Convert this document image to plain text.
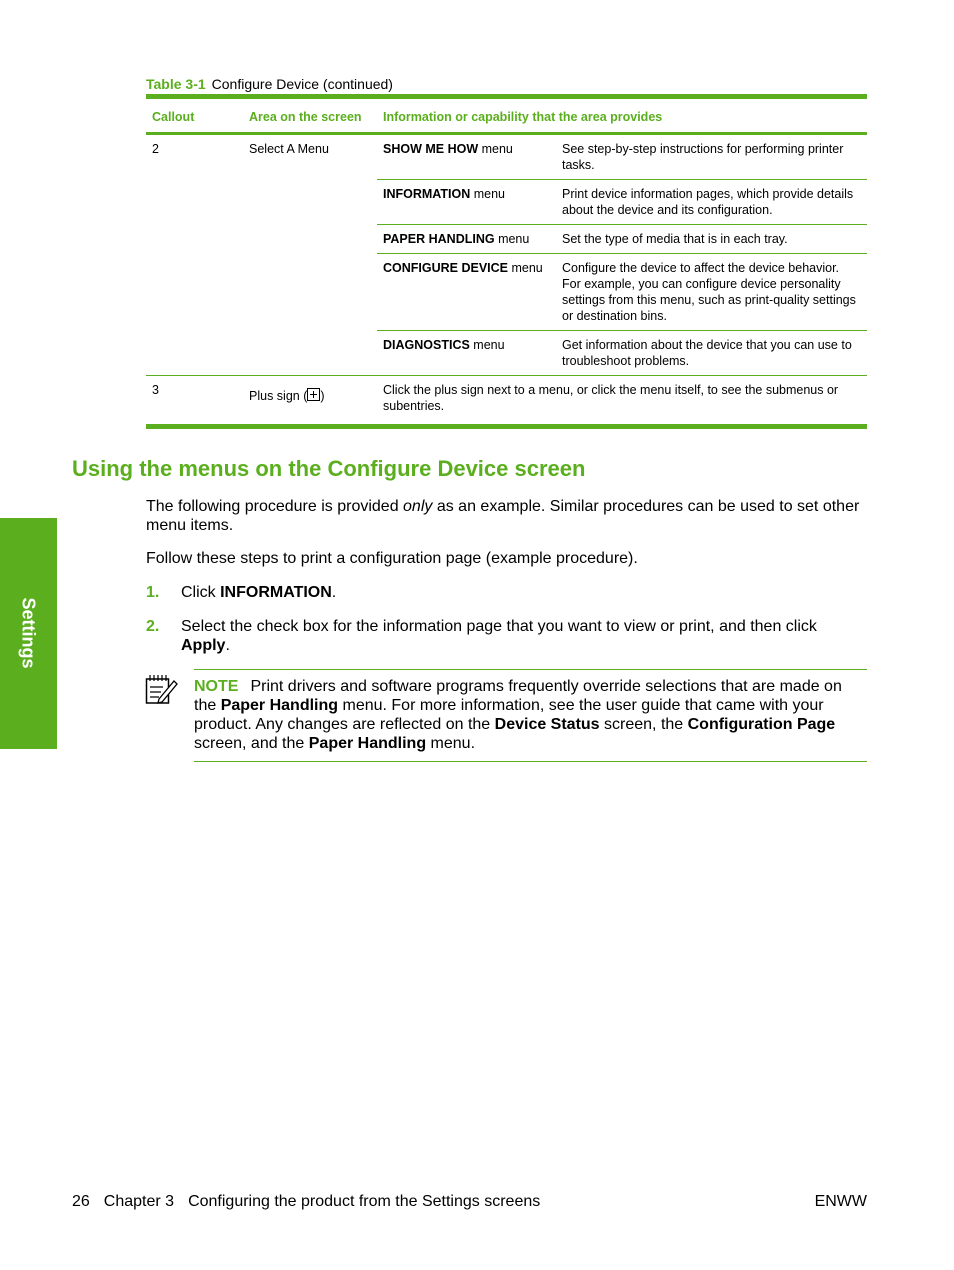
Settings
Table 3-1 Configure Device (continued)
Callout	Area on the screen	Information or capability that the area provides	
2	Select A Menu	SHOW ME HOW menu	See step-by-step instructions for performing printer tasks.
		INFORMATION menu	Print device information pages, which provide details about the device and its configuration.
		PAPER HANDLING menu	Set the type of media that is in each tray.
		CONFIGURE DEVICE menu	Configure the device to affect the device behavior. For example, you can configure device personality settings from this menu, such as print-quality settings or destination bins.
		DIAGNOSTICS menu	Get information about the device that you can use to troubleshoot problems.
3	Plus sign ( )	Click the plus sign next to a menu, or click the menu itself, to see the submenus or subentries.	
Using the menus on the Configure Device screen

The following procedure is provided only as an example. Similar procedures can be used to set other menu items.

Follow these steps to print a configuration page (example procedure).

1. Click INFORMATION.
2. Select the check box for the information page that you want to view or print, and then click Apply.
NOTE Print drivers and software programs frequently override selections that are made on the Paper Handling menu. For more information, see the user guide that came with your product. Any changes are reflected on the Device Status screen, the Configuration Page screen, and the Paper Handling menu.
26 Chapter 3 Configuring the product from the Settings screens	ENWW
